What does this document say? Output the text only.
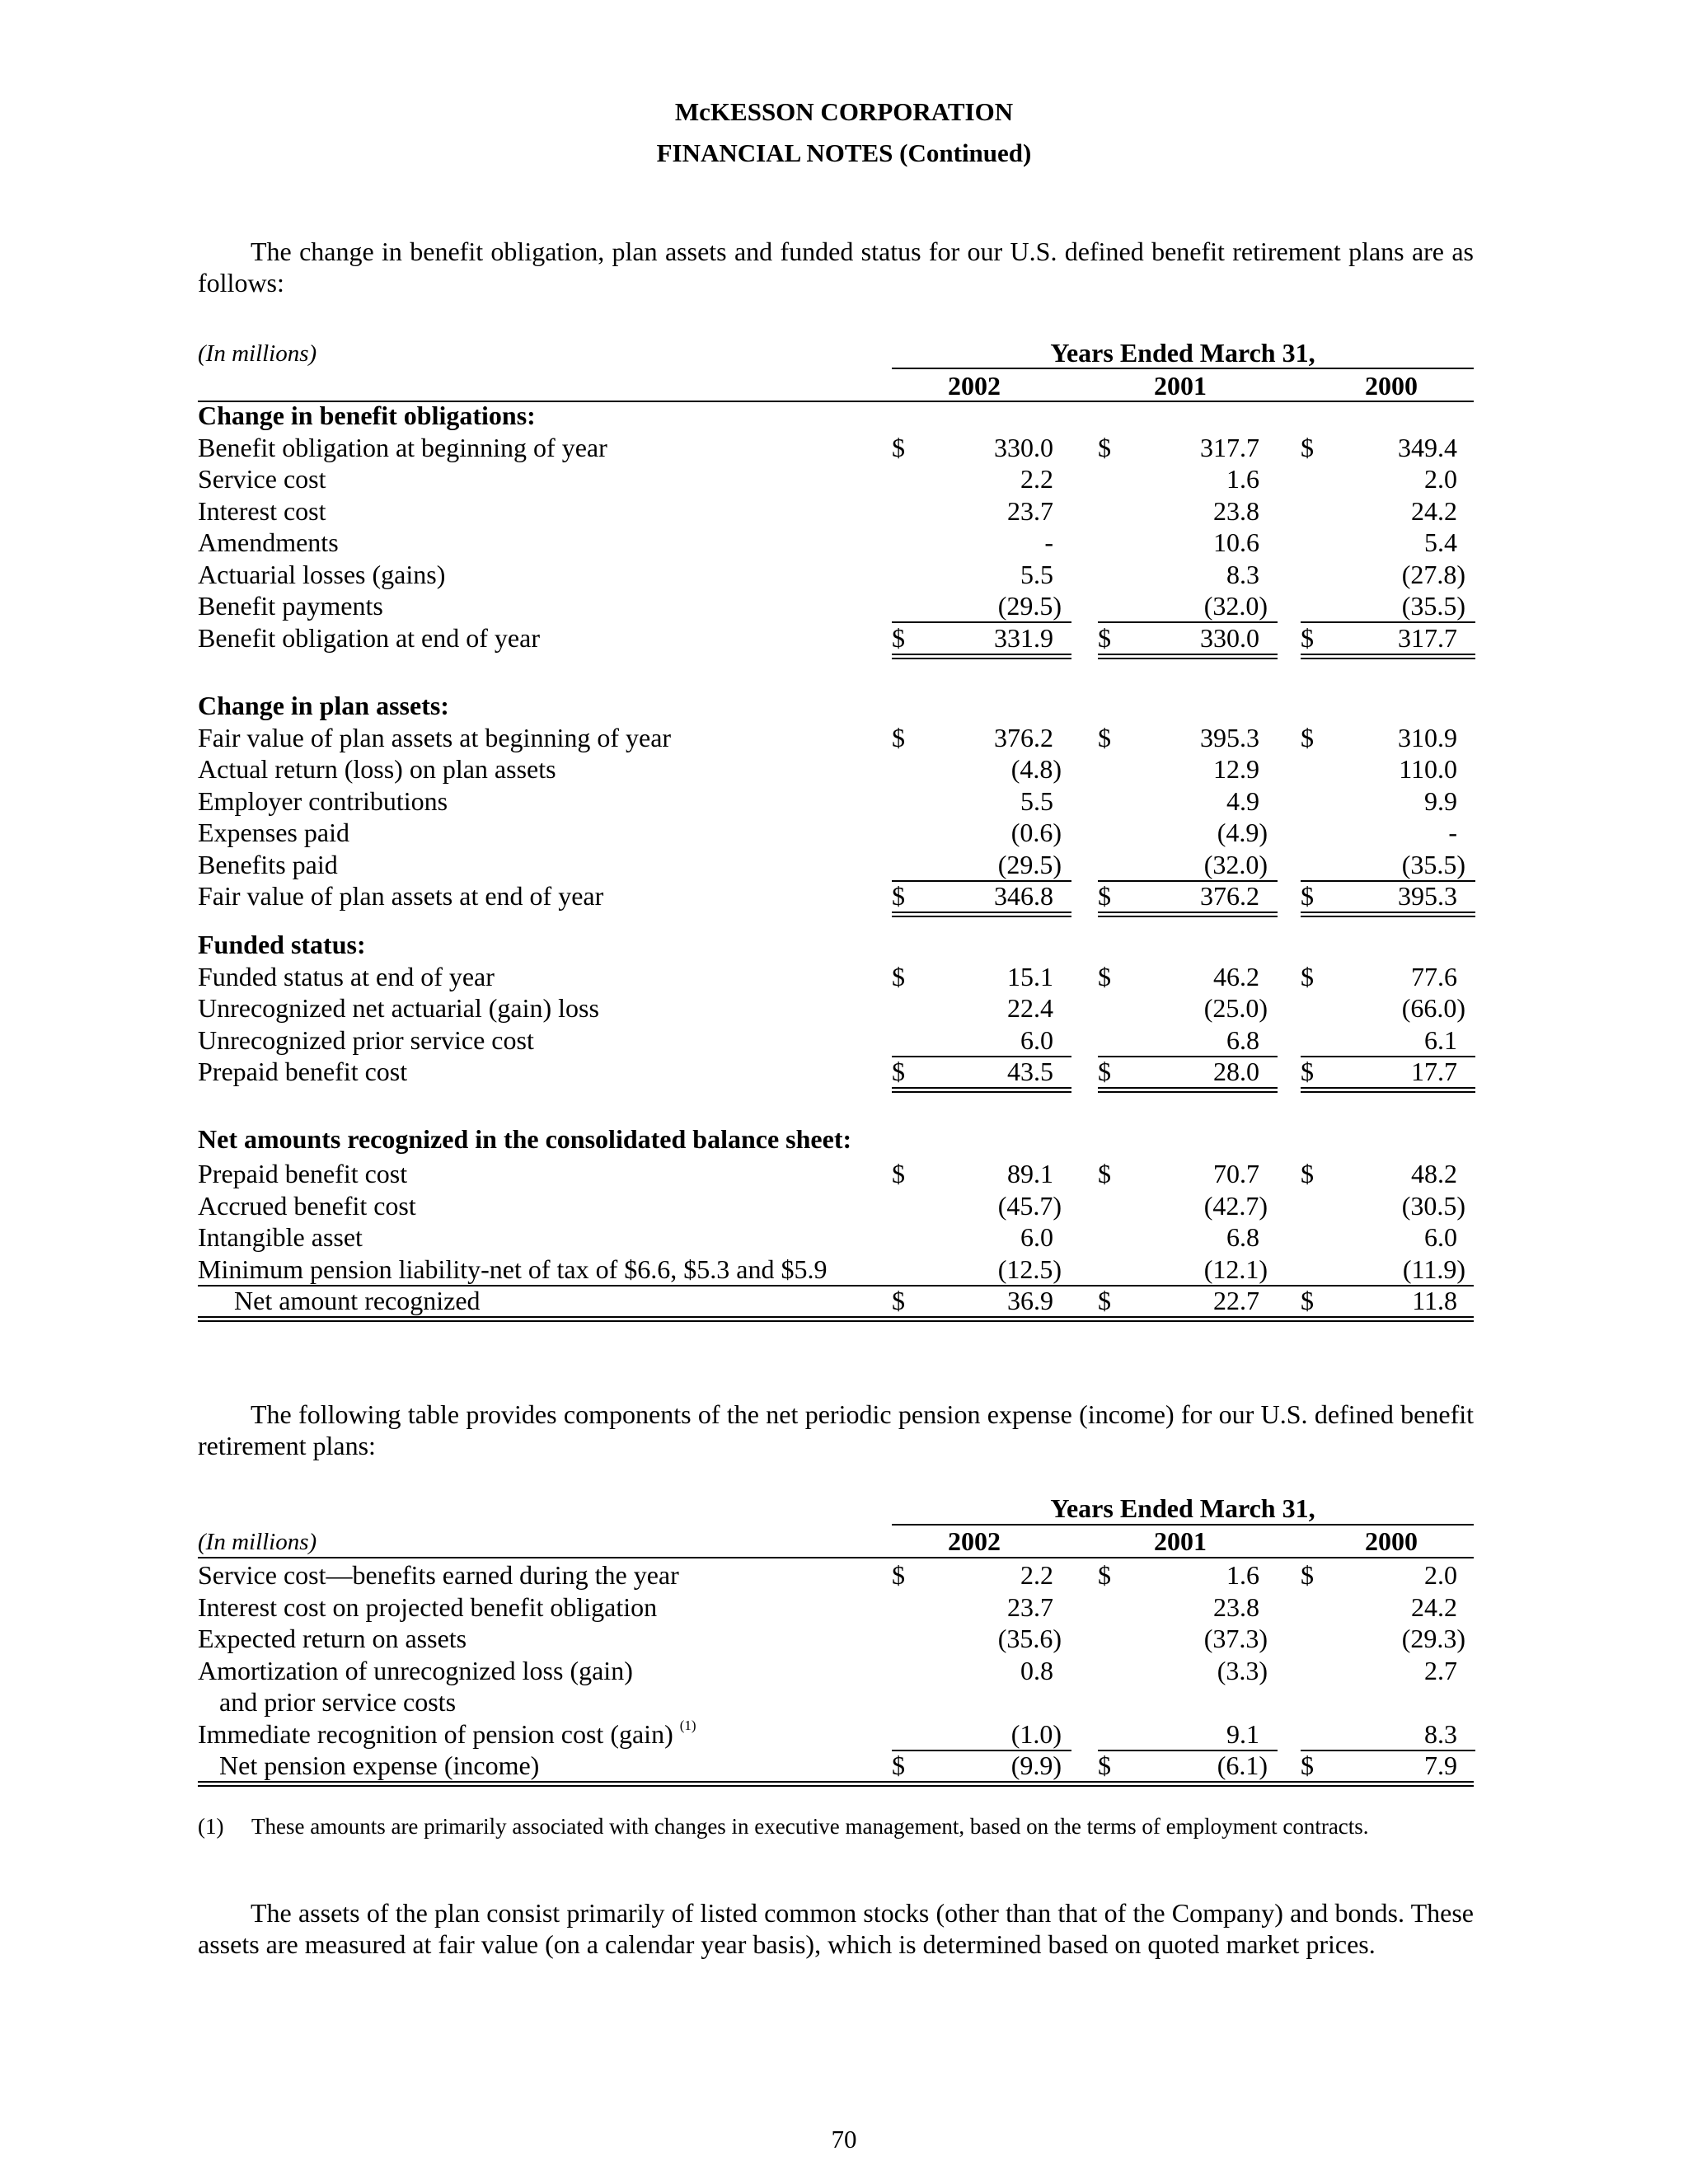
McKESSON CORPORATION
FINANCIAL NOTES (Continued)

The change in benefit obligation, plan assets and funded status for our U.S. defined benefit retirement plans are as follows:

(In millions)	Years Ended March 31,
2002	2001	2000
Change in benefit obligations:
Benefit obligation at beginning of year	$	330.0 $	317.7 $	349.4
Service cost	2.2	1.6	2.0
Interest cost	23.7	23.8	24.2
Amendments	-	10.6	5.4
Actuarial losses (gains)	5.5	8.3	(27.8)
Benefit payments	(29.5)	(32.0)	(35.5)
Benefit obligation at end of year	$	331.9 $	330.0 $	317.7
Change in plan assets:
Fair value of plan assets at beginning of year	$	376.2 $	395.3 $	310.9
Actual return (loss) on plan assets	(4.8)	12.9	110.0
Employer contributions	5.5	4.9	9.9
Expenses paid	(0.6)	(4.9)	-
Benefits paid	(29.5)	(32.0)	(35.5)
Fair value of plan assets at end of year	$	346.8 $	376.2 $	395.3
Funded status:
Funded status at end of year	$	15.1 $	46.2 $	77.6
Unrecognized net actuarial (gain) loss	22.4	(25.0)	(66.0)
Unrecognized prior service cost	6.0	6.8	6.1
Prepaid benefit cost	$	43.5 $	28.0 $	17.7
Net amounts recognized in the consolidated balance sheet:
Prepaid benefit cost	$	89.1 $	70.7 $	48.2
Accrued benefit cost	(45.7)	(42.7)	(30.5)
Intangible asset	6.0	6.8	6.0
Minimum pension liability-net of tax of $6.6, $5.3 and $5.9	(12.5)	(12.1)	(11.9)
Net amount recognized	$	36.9 $	22.7 $	11.8

The following table provides components of the net periodic pension expense (income) for our U.S. defined benefit retirement plans:

Years Ended March 31,
(In millions)	2002	2001	2000
Service cost—benefits earned during the year	$	2.2 $	1.6 $	2.0
Interest cost on projected benefit obligation	23.7	23.8	24.2
Expected return on assets	(35.6)	(37.3)	(29.3)
Amortization of unrecognized loss (gain)	0.8	(3.3)	2.7
and prior service costs
Immediate recognition of pension cost (gain) $^{(1)}$	(1.0)	9.1	8.3
Net pension expense (income)	$	(9.9) $	(6.1) $	7.9
(1) These amounts are primarily associated with changes in executive management, based on the terms of employment contracts.

The assets of the plan consist primarily of listed common stocks (other than that of the Company) and bonds. These assets are measured at fair value (on a calendar year basis), which is determined based on quoted market prices.

70
